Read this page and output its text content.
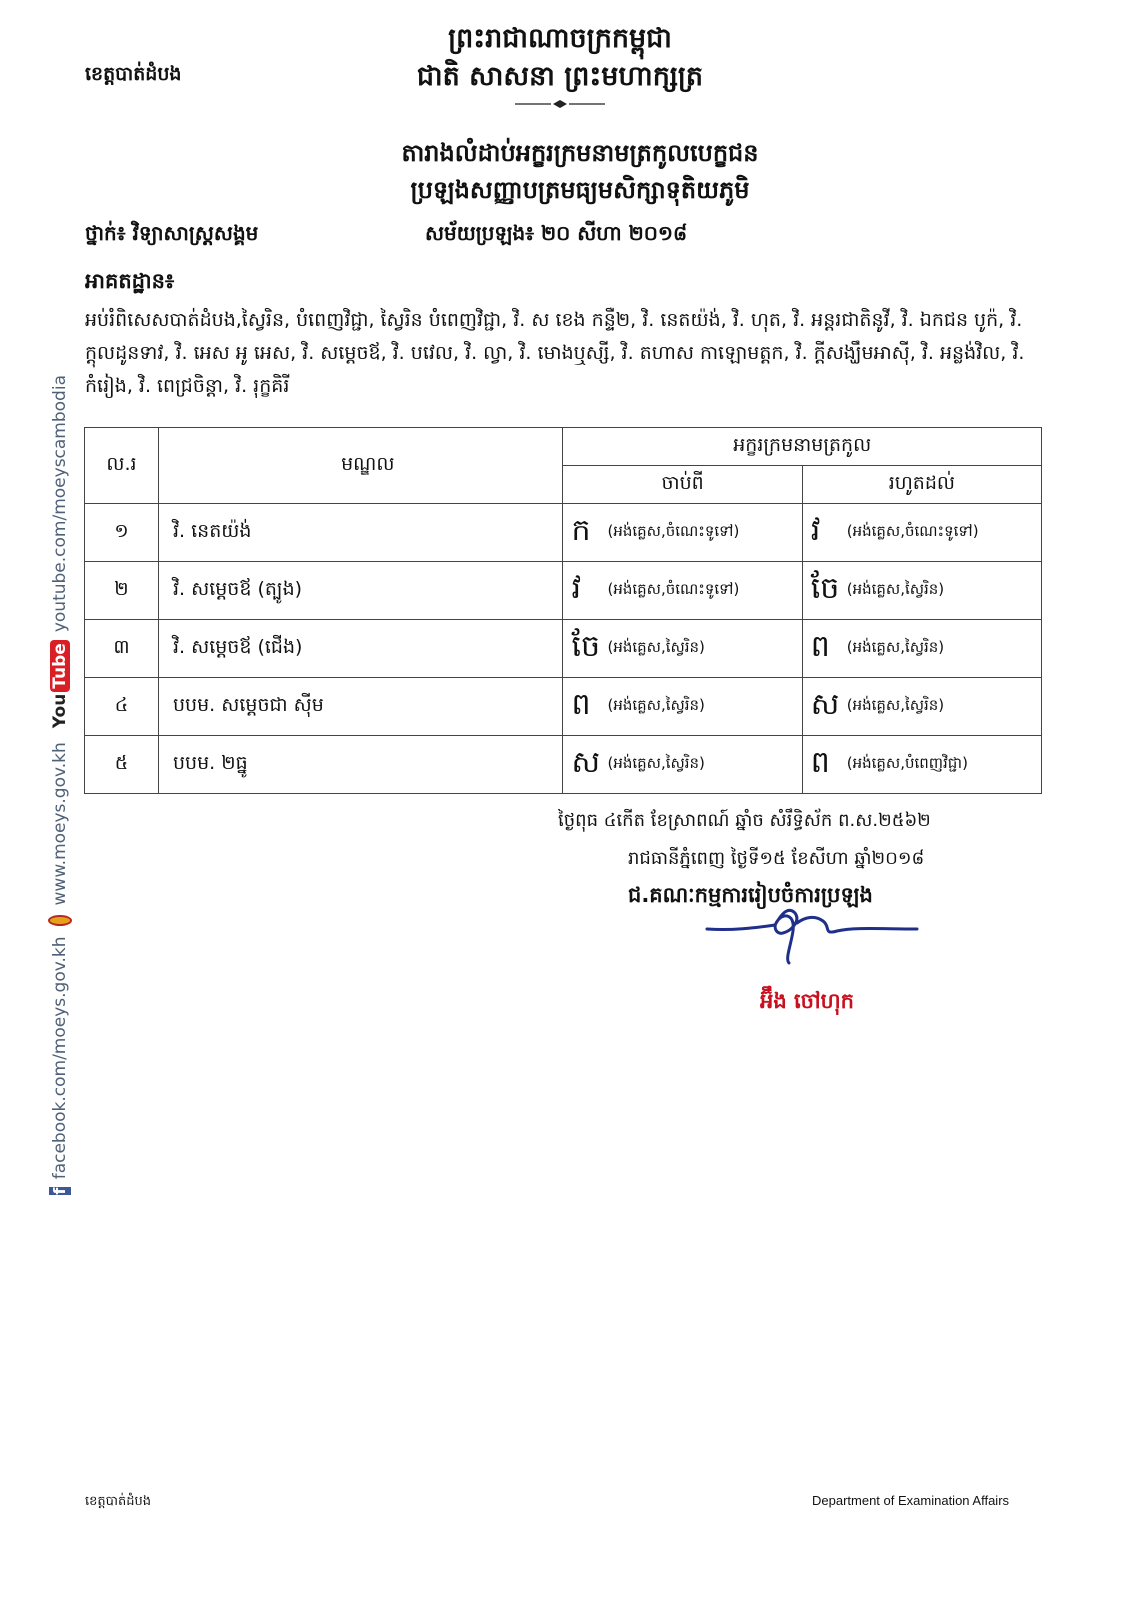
ព្រះរាជាណាចក្រកម្ពុជា
ជាតិ សាសនា ព្រះមហាក្សត្រ
ខេត្តបាត់ដំបង
តារាងលំដាប់អក្ខរក្រមនាមត្រកូលបេក្ខជន
ប្រឡងសញ្ញាបត្រមធ្យមសិក្សាទុតិយភូមិ
ថ្នាក់៖ វិទ្យាសាស្ត្រសង្គម	សម័យប្រឡង៖ ២០ សីហា ២០១៨
អាគតដ្ឋាន៖
អប់រំពិសេសបាត់ដំបង,ស្វៃរិន, បំពេញវិជ្ជា, ស្វៃរិន បំពេញវិជ្ជា, វិ. ស ខេង កន្ទឺ២, វិ. នេតយ៉ង់, វិ. ហុត, វិ. អន្តរជាតិនូវី, វិ. ឯកជន បូក៉, វិ. ក្តុលដូនទាវ, វិ. អេស អូ អេស, វិ. សម្តេចឪ, វិ. បវេល, វិ. ល្វា, វិ. មោងឬស្សី, វិ. តហាស កាឡោមត្តក, វិ. ក្តីសង្ឃឹមអាស៊ី, វិ. អន្លង់វិល, វិ. កំរៀង, វិ. ពេជ្រចិន្តា, វិ. រុក្ខគិរី
ល.រ	មណ្ឌល	អក្ខរក្រមនាមត្រកូល	
		ចាប់ពី	រហូតដល់
១	វិ. នេតយ៉ង់	ក (អង់គ្លេស,ចំណេះទូទៅ)	វ (អង់គ្លេស,ចំណេះទូទៅ)

២	វិ. សម្តេចឪ (ត្បូង)	វ (អង់គ្លេស,ចំណេះទូទៅ)	ចែ (អង់គ្លេស,ស្វៃរិន)

៣	វិ. សម្តេចឪ (ជើង)	ចែ (អង់គ្លេស,ស្វៃរិន)	ព (អង់គ្លេស,ស្វៃរិន)

៤	បបម. សម្តេចជា ស៊ីម	ព (អង់គ្លេស,ស្វៃរិន)	ស (អង់គ្លេស,ស្វៃរិន)

៥	បបម. ២ធ្នូ	ស (អង់គ្លេស,ស្វៃរិន)	ព (អង់គ្លេស,បំពេញវិជ្ជា)
ថ្ងៃពុធ ៤កើត ខែស្រាពណ៍ ឆ្នាំច សំរឹទ្ធិស័ក ព.ស.២៥៦២
រាជធានីភ្នំពេញ ថ្ងៃទី១៥ ខែសីហា ឆ្នាំ២០១៨
ជ.គណៈកម្មការរៀបចំការប្រឡង
អ៊ឹង ចៅហុក
f
facebook.com/moeys.gov.kh
www.moeys.gov.kh
You
Tube
youtube.com/moeyscambodia
ខេត្តបាត់ដំបង	Department of Examination Affairs
